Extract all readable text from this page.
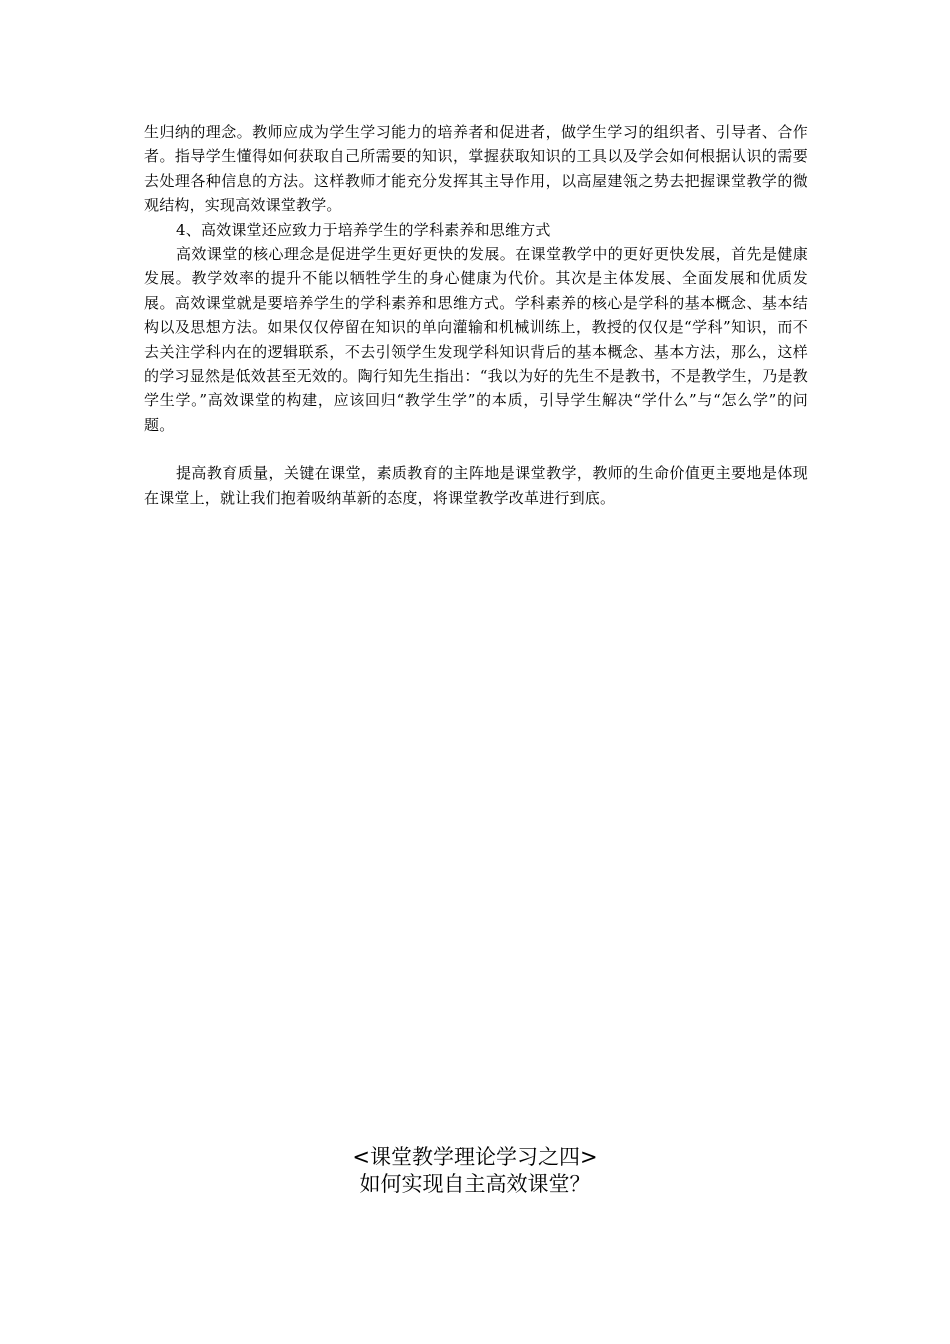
生归纳的理念。教师应成为学生学习能力的培养者和促进者，做学生学习的组织者、引导者、合作者。指导学生懂得如何获取自己所需要的知识，掌握获取知识的工具以及学会如何根据认识的需要去处理各种信息的方法。这样教师才能充分发挥其主导作用，以高屋建瓴之势去把握课堂教学的微观结构，实现高效课堂教学。

4、高效课堂还应致力于培养学生的学科素养和思维方式

高效课堂的核心理念是促进学生更好更快的发展。在课堂教学中的更好更快发展，首先是健康发展。教学效率的提升不能以牺牲学生的身心健康为代价。其次是主体发展、全面发展和优质发展。高效课堂就是要培养学生的学科素养和思维方式。学科素养的核心是学科的基本概念、基本结构以及思想方法。如果仅仅停留在知识的单向灌输和机械训练上，教授的仅仅是“学科”知识，而不去关注学科内在的逻辑联系，不去引领学生发现学科知识背后的基本概念、基本方法，那么，这样的学习显然是低效甚至无效的。陶行知先生指出：“我以为好的先生不是教书，不是教学生，乃是教学生学。”高效课堂的构建，应该回归“教学生学”的本质，引导学生解决“学什么”与“怎么学”的问题。

提高教育质量，关键在课堂，素质教育的主阵地是课堂教学，教师的生命价值更主要地是体现在课堂上，就让我们抱着吸纳革新的态度，将课堂教学改革进行到底。

<课堂教学理论学习之四>
如何实现自主高效课堂？
